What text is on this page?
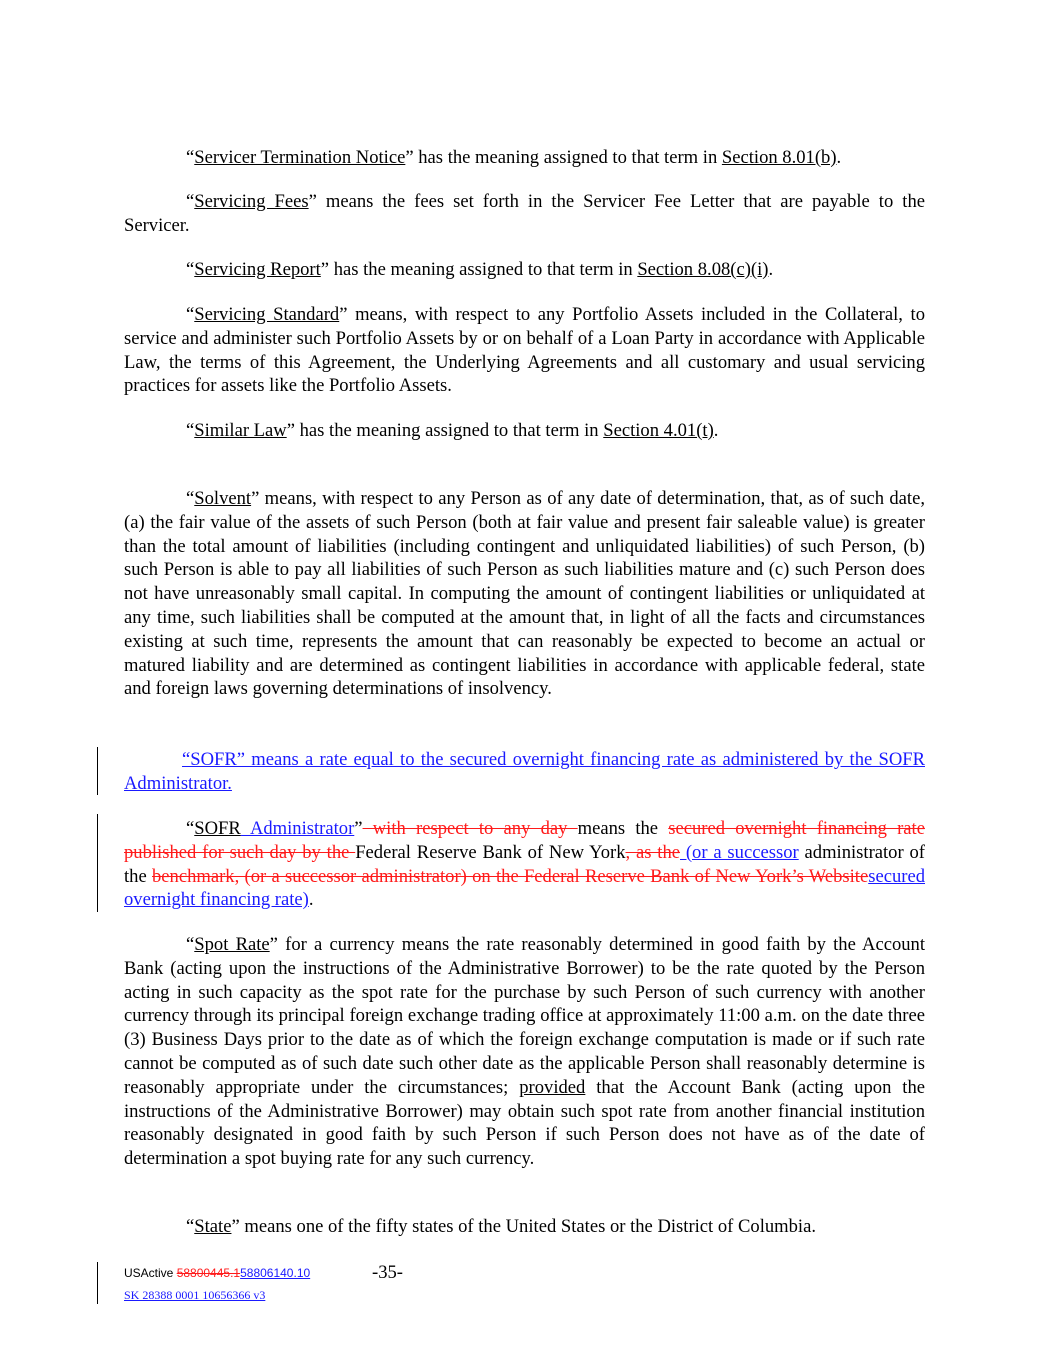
“Servicer Termination Notice” has the meaning assigned to that term in Section 8.01(b).

“Servicing Fees” means the fees set forth in the Servicer Fee Letter that are payable to the Servicer.

“Servicing Report” has the meaning assigned to that term in Section 8.08(c)(i).

“Servicing Standard” means, with respect to any Portfolio Assets included in the Collateral, to service and administer such Portfolio Assets by or on behalf of a Loan Party in accordance with Applicable Law, the terms of this Agreement, the Underlying Agreements and all customary and usual servicing practices for assets like the Portfolio Assets.

“Similar Law” has the meaning assigned to that term in Section 4.01(t).

“Solvent” means, with respect to any Person as of any date of determination, that, as of such date, (a) the fair value of the assets of such Person (both at fair value and present fair saleable value) is greater than the total amount of liabilities (including contingent and unliquidated liabilities) of such Person, (b) such Person is able to pay all liabilities of such Person as such liabilities mature and (c) such Person does not have unreasonably small capital. In computing the amount of contingent liabilities or unliquidated at any time, such liabilities shall be computed at the amount that, in light of all the facts and circumstances existing at such time, represents the amount that can reasonably be expected to become an actual or matured liability and are determined as contingent liabilities in accordance with applicable federal, state and foreign laws governing determinations of insolvency.

“SOFR” means a rate equal to the secured overnight financing rate as administered by the SOFR Administrator.

“SOFR Administrator” with respect to any day means the secured overnight financing rate published for such day by the Federal Reserve Bank of New York, as the (or a successor administrator of the benchmark, (or a successor administrator) on the Federal Reserve Bank of New York’s Websitesecured overnight financing rate).

“Spot Rate” for a currency means the rate reasonably determined in good faith by the Account Bank (acting upon the instructions of the Administrative Borrower) to be the rate quoted by the Person acting in such capacity as the spot rate for the purchase by such Person of such currency with another currency through its principal foreign exchange trading office at approximately 11:00 a.m. on the date three (3) Business Days prior to the date as of which the foreign exchange computation is made or if such rate cannot be computed as of such date such other date as the applicable Person shall reasonably determine is reasonably appropriate under the circumstances; provided that the Account Bank (acting upon the instructions of the Administrative Borrower) may obtain such spot rate from another financial institution reasonably designated in good faith by such Person if such Person does not have as of the date of determination a spot buying rate for any such currency.

“State” means one of the fifty states of the United States or the District of Columbia.

USActive 58800445.158806140.10	-35-
SK 28388 0001 10656366 v3
